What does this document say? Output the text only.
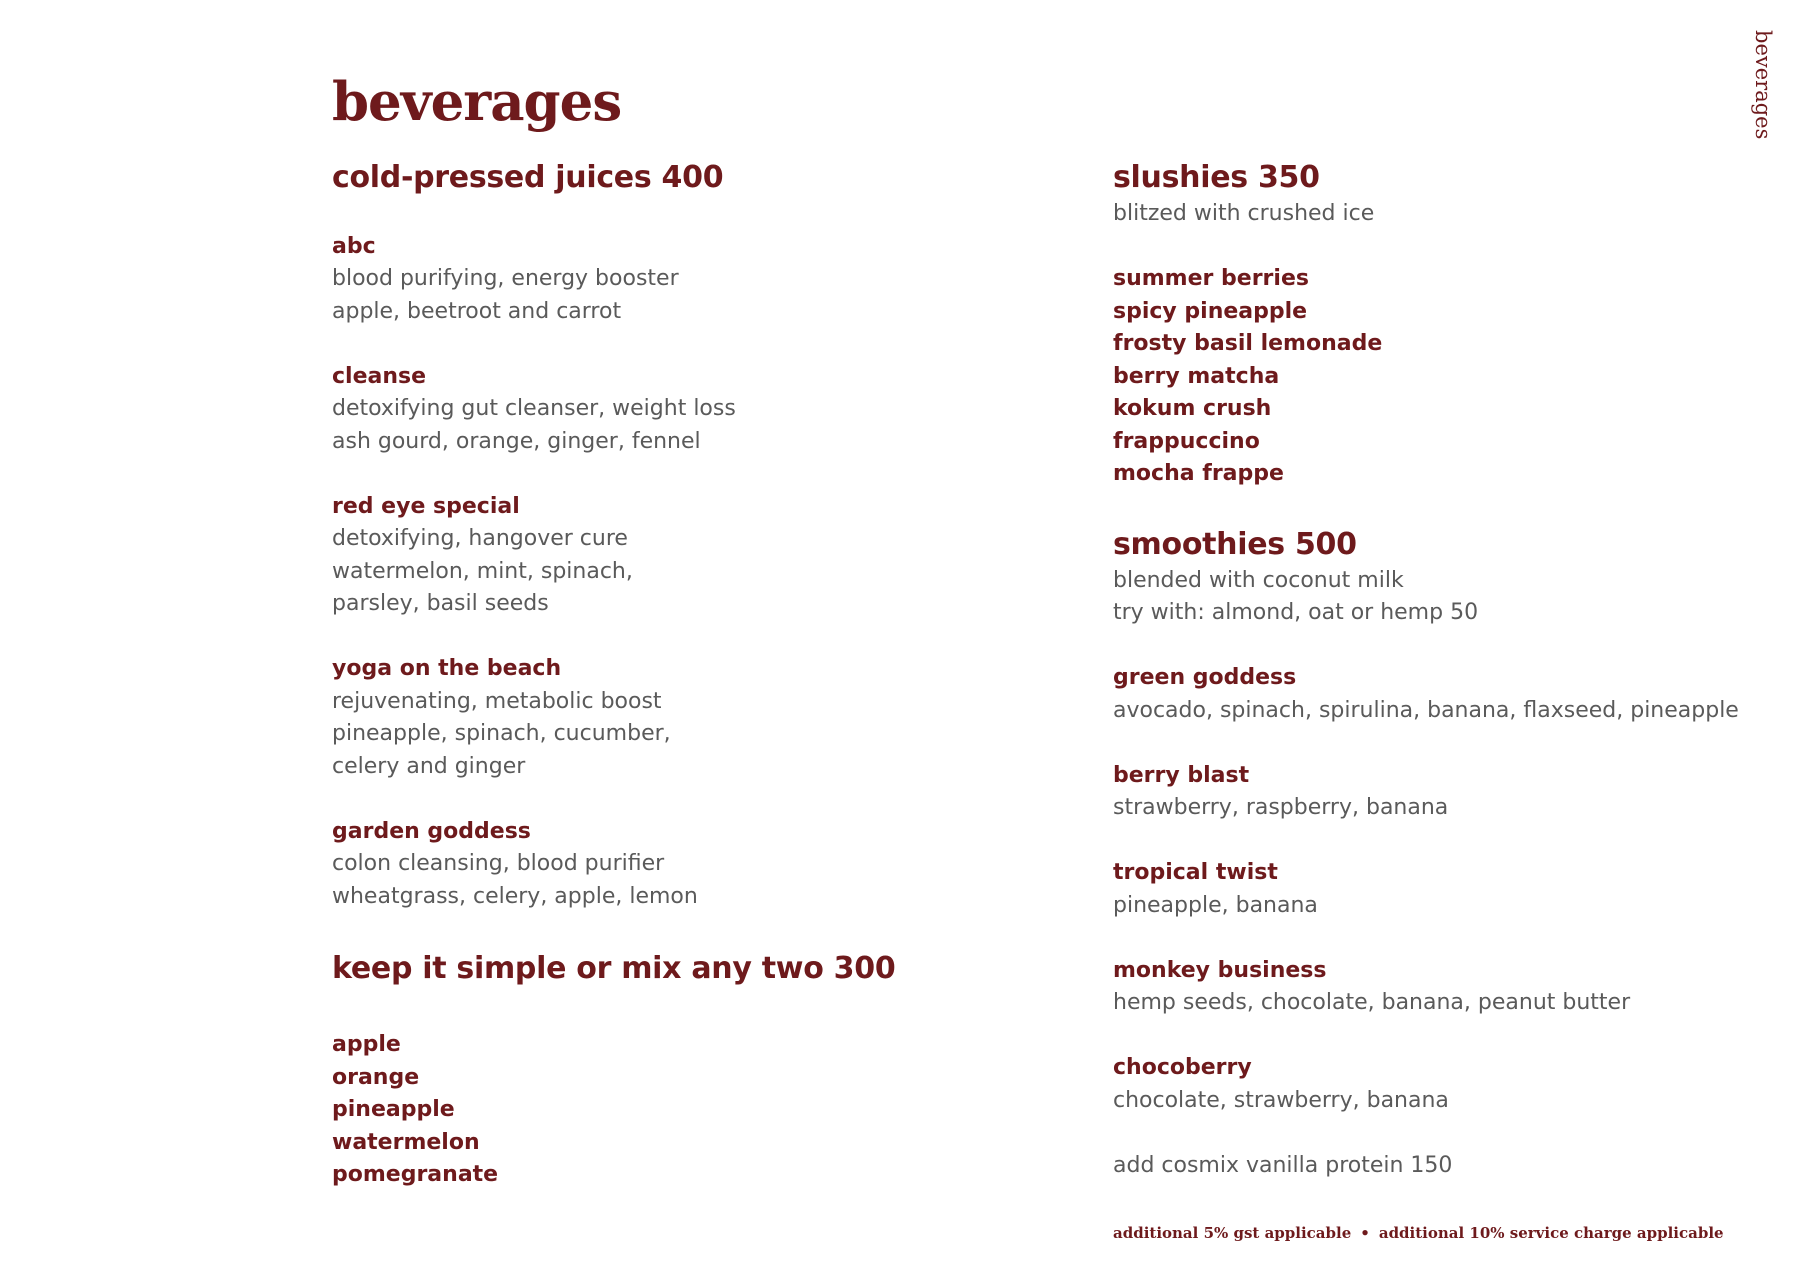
beverages	beverages
cold-pressed juices 400
abc
blood purifying, energy booster
apple, beetroot and carrot
cleanse
detoxifying gut cleanser, weight loss
ash gourd, orange, ginger, fennel
red eye special
detoxifying, hangover cure
watermelon, mint, spinach,
parsley, basil seeds
yoga on the beach
rejuvenating, metabolic boost
pineapple, spinach, cucumber,
celery and ginger
garden goddess
colon cleansing, blood purifier
wheatgrass, celery, apple, lemon
keep it simple or mix any two 300
apple
orange
pineapple
watermelon
pomegranate
slushies 350
blitzed with crushed ice
summer berries
spicy pineapple
frosty basil lemonade
berry matcha
kokum crush
frappuccino
mocha frappe
smoothies 500
blended with coconut milk
try with: almond, oat or hemp 50
green goddess
avocado, spinach, spirulina, banana, flaxseed, pineapple
berry blast
strawberry, raspberry, banana
tropical twist
pineapple, banana
monkey business
hemp seeds, chocolate, banana, peanut butter
chocoberry
chocolate, strawberry, banana
add cosmix vanilla protein 150
additional 5% gst applicable • additional 10% service charge applicable
